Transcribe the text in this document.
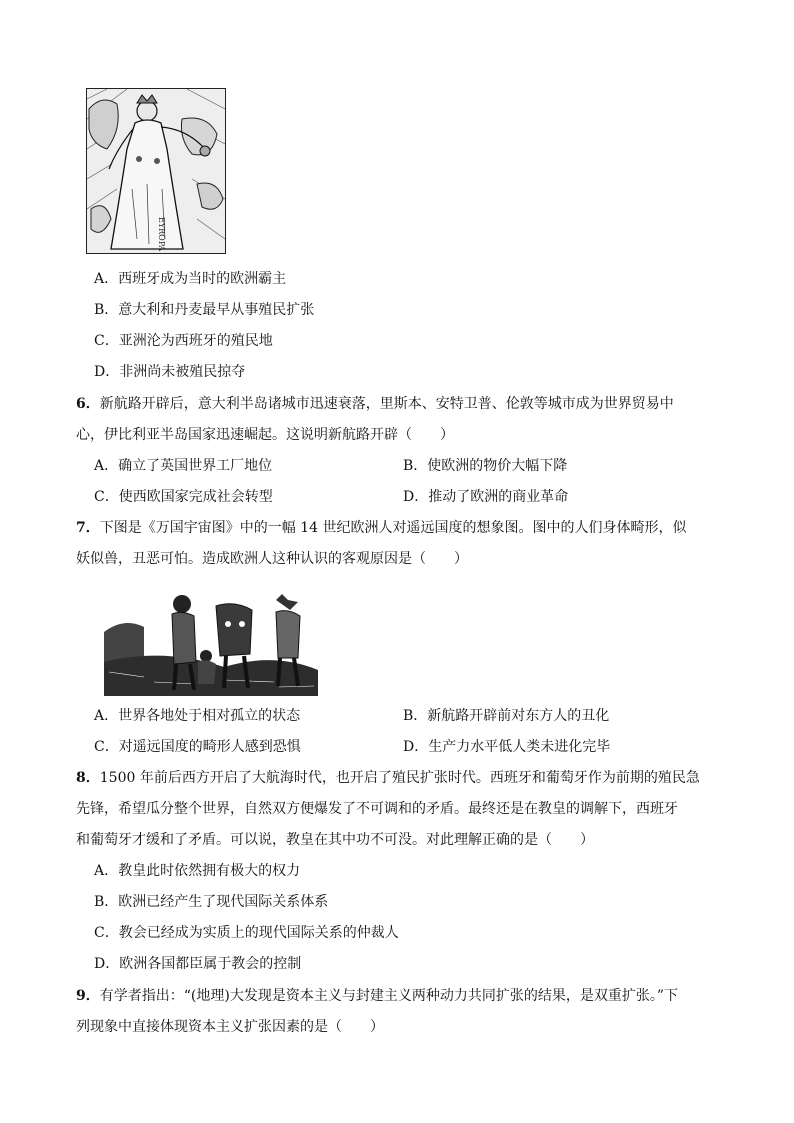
EYROPA
A．西班牙成为当时的欧洲霸主
B．意大利和丹麦最早从事殖民扩张
C．亚洲沦为西班牙的殖民地
D．非洲尚未被殖民掠夺
6．新航路开辟后，意大利半岛诸城市迅速衰落，里斯本、安特卫普、伦敦等城市成为世界贸易中
心，伊比利亚半岛国家迅速崛起。这说明新航路开辟（　　）
A．确立了英国世界工厂地位	B．使欧洲的物价大幅下降
C．使西欧国家完成社会转型	D．推动了欧洲的商业革命
7．下图是《万国宇宙图》中的一幅 14 世纪欧洲人对遥远国度的想象图。图中的人们身体畸形，似
妖似兽，丑恶可怕。造成欧洲人这种认识的客观原因是（　　）
A．世界各地处于相对孤立的状态	B．新航路开辟前对东方人的丑化
C．对遥远国度的畸形人感到恐惧	D．生产力水平低人类未进化完毕
8．1500 年前后西方开启了大航海时代，也开启了殖民扩张时代。西班牙和葡萄牙作为前期的殖民急
先锋，希望瓜分整个世界，自然双方便爆发了不可调和的矛盾。最终还是在教皇的调解下，西班牙
和葡萄牙才缓和了矛盾。可以说，教皇在其中功不可没。对此理解正确的是（　　）
A．教皇此时依然拥有极大的权力
B．欧洲已经产生了现代国际关系体系
C．教会已经成为实质上的现代国际关系的仲裁人
D．欧洲各国都臣属于教会的控制
9．有学者指出：“(地理)大发现是资本主义与封建主义两种动力共同扩张的结果，是双重扩张。”下
列现象中直接体现资本主义扩张因素的是（　　）
